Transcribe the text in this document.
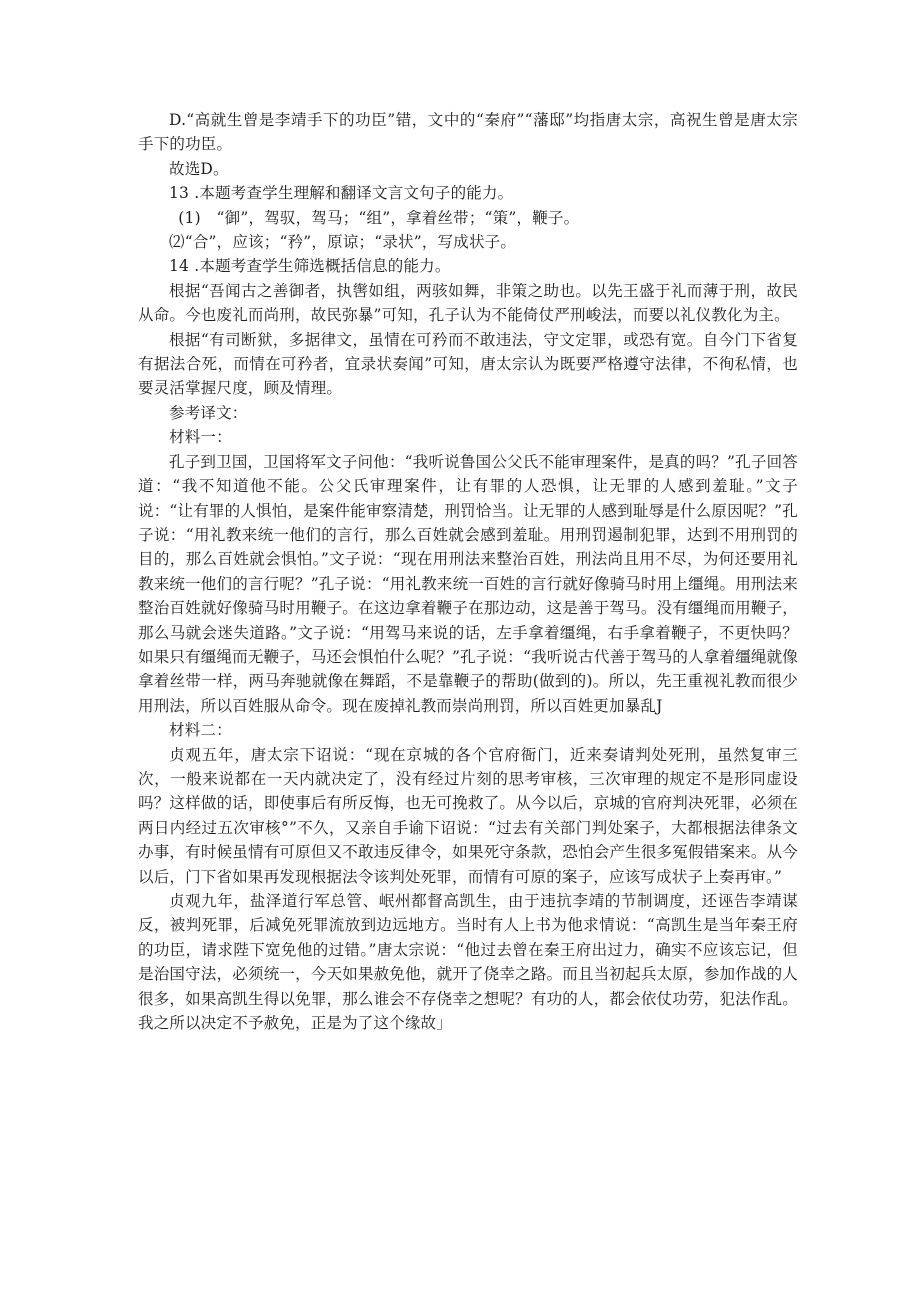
D.“高就生曾是李靖手下的功臣”错，文中的“秦府”“藩邸”均指唐太宗，高祝生曾是唐太宗手下的功臣。

故选D。

13 .本题考查学生理解和翻译文言文句子的能力。

(1)　“御”，驾驭，驾马；“组”，拿着丝带；“策”，鞭子。

⑵“合”，应该；“矜”，原谅；“录状”，写成状子。

14 .本题考查学生筛选概括信息的能力。

根据“吾闻古之善御者，执辔如组，两骇如舞，非策之助也。以先王盛于礼而薄于刑，故民从命。今也废礼而尚刑，故民弥暴”可知，孔子认为不能倚仗严刑峻法，而要以礼仪教化为主。

根据“有司断狱，多据律文，虽情在可矜而不敢违法，守文定罪，或恐有宽。自今门下省复有据法合死，而情在可矜者，宜录状奏闻”可知，唐太宗认为既要严格遵守法律，不徇私情，也要灵活掌握尺度，顾及情理。

参考译文：

材料一：

孔子到卫国，卫国将军文子问他：“我听说鲁国公父氏不能审理案件，是真的吗？”孔子回答道：“我不知道他不能。公父氏审理案件，让有罪的人恐惧，让无罪的人感到羞耻。”文子说：“让有罪的人惧怕，是案件能审察清楚，刑罚恰当。让无罪的人感到耻辱是什么原因呢？”孔子说：“用礼教来统一他们的言行，那么百姓就会感到羞耻。用刑罚遏制犯罪，达到不用刑罚的目的，那么百姓就会惧怕。”文子说：“现在用刑法来整治百姓，刑法尚且用不尽，为何还要用礼教来统一他们的言行呢？”孔子说：“用礼教来统一百姓的言行就好像骑马时用上缰绳。用刑法来整治百姓就好像骑马时用鞭子。在这边拿着鞭子在那边动，这是善于驾马。没有缰绳而用鞭子，那么马就会迷失道路。”文子说：“用驾马来说的话，左手拿着缰绳，右手拿着鞭子，不更快吗？如果只有缰绳而无鞭子，马还会惧怕什么呢？”孔子说：“我听说古代善于驾马的人拿着缰绳就像拿着丝带一样，两马奔驰就像在舞蹈，不是靠鞭子的帮助(做到的)。所以，先王重视礼教而很少用刑法，所以百姓服从命令。现在废掉礼教而崇尚刑罚，所以百姓更加暴乱J

材料二：

贞观五年，唐太宗下诏说：“现在京城的各个官府衙门，近来奏请判处死刑，虽然复审三次，一般来说都在一天内就决定了，没有经过片刻的思考审核，三次审理的规定不是形同虚设吗？这样做的话，即使事后有所反悔，也无可挽救了。从今以后，京城的官府判决死罪，必须在两日内经过五次审核°”不久，又亲自手谕下诏说：“过去有关部门判处案子，大都根据法律条文办事，有时候虽情有可原但又不敢违反律令，如果死守条款，恐怕会产生很多冤假错案来。从今以后，门下省如果再发现根据法令该判处死罪，而情有可原的案子，应该写成状子上奏再审。”

贞观九年，盐泽道行军总管、岷州都督高凯生，由于违抗李靖的节制调度，还诬告李靖谋反，被判死罪，后减免死罪流放到边远地方。当时有人上书为他求情说：“高凯生是当年秦王府的功臣，请求陛下宽免他的过错。”唐太宗说：“他过去曾在秦王府出过力，确实不应该忘记，但是治国守法，必须统一，今天如果赦免他，就开了侥幸之路。而且当初起兵太原，参加作战的人很多，如果高凯生得以免罪，那么谁会不存侥幸之想呢？有功的人，都会依仗功劳，犯法作乱。我之所以决定不予赦免，正是为了这个缘故」
